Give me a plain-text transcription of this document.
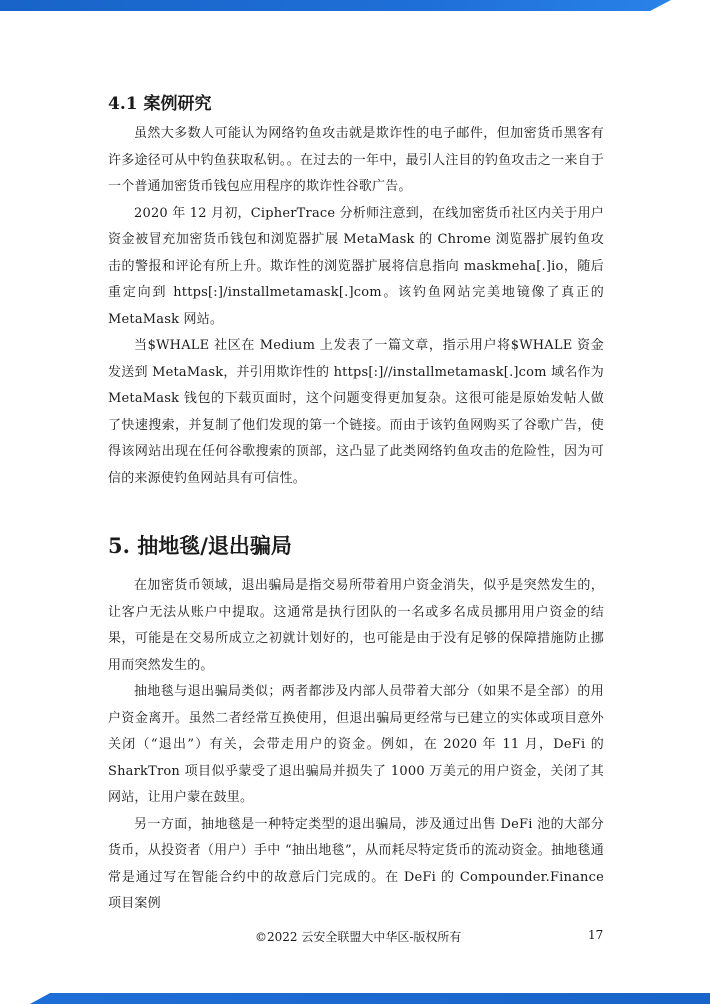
4.1 案例研究

虽然大多数人可能认为网络钓鱼攻击就是欺诈性的电子邮件，但加密货币黑客有许多途径可从中钓鱼获取私钥。。在过去的一年中，最引人注目的钓鱼攻击之一来自于一个普通加密货币钱包应用程序的欺诈性谷歌广告。

2020 年 12 月初，CipherTrace 分析师注意到，在线加密货币社区内关于用户资金被冒充加密货币钱包和浏览器扩展 MetaMask 的 Chrome 浏览器扩展钓鱼攻击的警报和评论有所上升。欺诈性的浏览器扩展将信息指向 maskmeha[.]io，随后重定向到 https[:]/installmetamask[.]com。该钓鱼网站完美地镜像了真正的 MetaMask 网站。

当$WHALE 社区在 Medium 上发表了一篇文章，指示用户将$WHALE 资金发送到 MetaMask，并引用欺诈性的 https[:]//installmetamask[.]com 域名作为 MetaMask 钱包的下载页面时，这个问题变得更加复杂。这很可能是原始发帖人做了快速搜索，并复制了他们发现的第一个链接。而由于该钓鱼网购买了谷歌广告，使得该网站出现在任何谷歌搜索的顶部，这凸显了此类网络钓鱼攻击的危险性，因为可信的来源使钓鱼网站具有可信性。

5. 抽地毯/退出骗局

在加密货币领域，退出骗局是指交易所带着用户资金消失，似乎是突然发生的，让客户无法从账户中提取。这通常是执行团队的一名或多名成员挪用用户资金的结果，可能是在交易所成立之初就计划好的，也可能是由于没有足够的保障措施防止挪用而突然发生的。

抽地毯与退出骗局类似；两者都涉及内部人员带着大部分（如果不是全部）的用户资金离开。虽然二者经常互换使用，但退出骗局更经常与已建立的实体或项目意外关闭（“退出”）有关，会带走用户的资金。例如，在 2020 年 11 月，DeFi 的 SharkTron 项目似乎蒙受了退出骗局并损失了 1000 万美元的用户资金，关闭了其网站，让用户蒙在鼓里。

另一方面，抽地毯是一种特定类型的退出骗局，涉及通过出售 DeFi 池的大部分货币，从投资者（用户）手中 “抽出地毯”，从而耗尽特定货币的流动资金。抽地毯通常是通过写在智能合约中的故意后门完成的。在 DeFi 的 Compounder.Finance 项目案例

©2022 云安全联盟大中华区-版权所有	17
